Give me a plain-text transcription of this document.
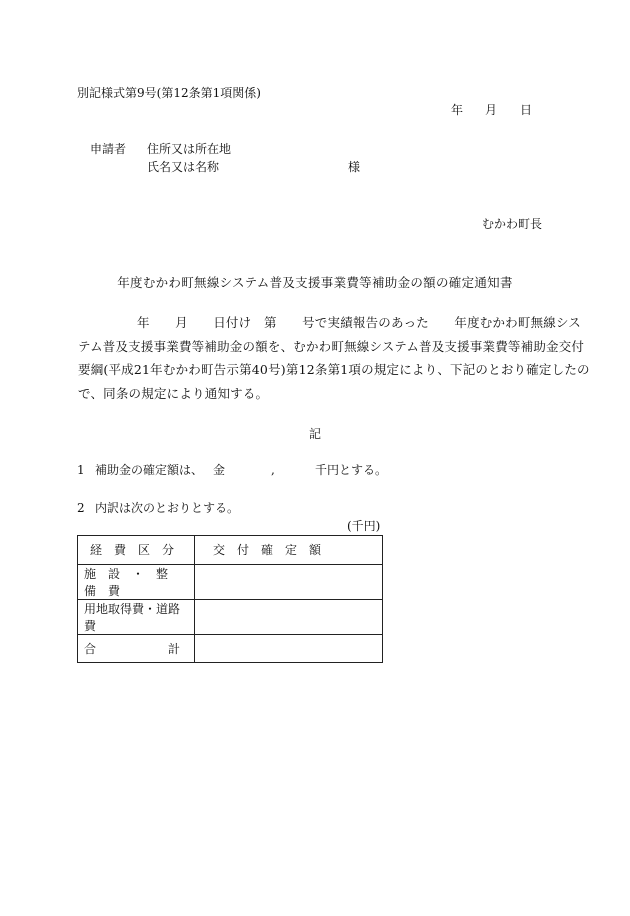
別記様式第9号(第12条第1項関係)
年 月 日
申請者 住所又は所在地
氏名又は名称	様
むかわ町長
年度むかわ町無線システム普及支援事業費等補助金の額の確定通知書
年　　月　　日付け　第　　号で実績報告のあった　　年度むかわ町無線シス
テム普及支援事業費等補助金の額を、むかわ町無線システム普及支援事業費等補助金交付
要綱(平成21年むかわ町告示第40号)第12条第1項の規定により、下記のとおり確定したの
で、同条の規定により通知する。
記
1 補助金の確定額は、 金	,	千円とする。
2 内訳は次のとおりとする。
(千円)
経　費　区　分	交　付　確　定　額
施　設　・　整　備　費	
用地取得費・道路費	
合　　　　　　計	
